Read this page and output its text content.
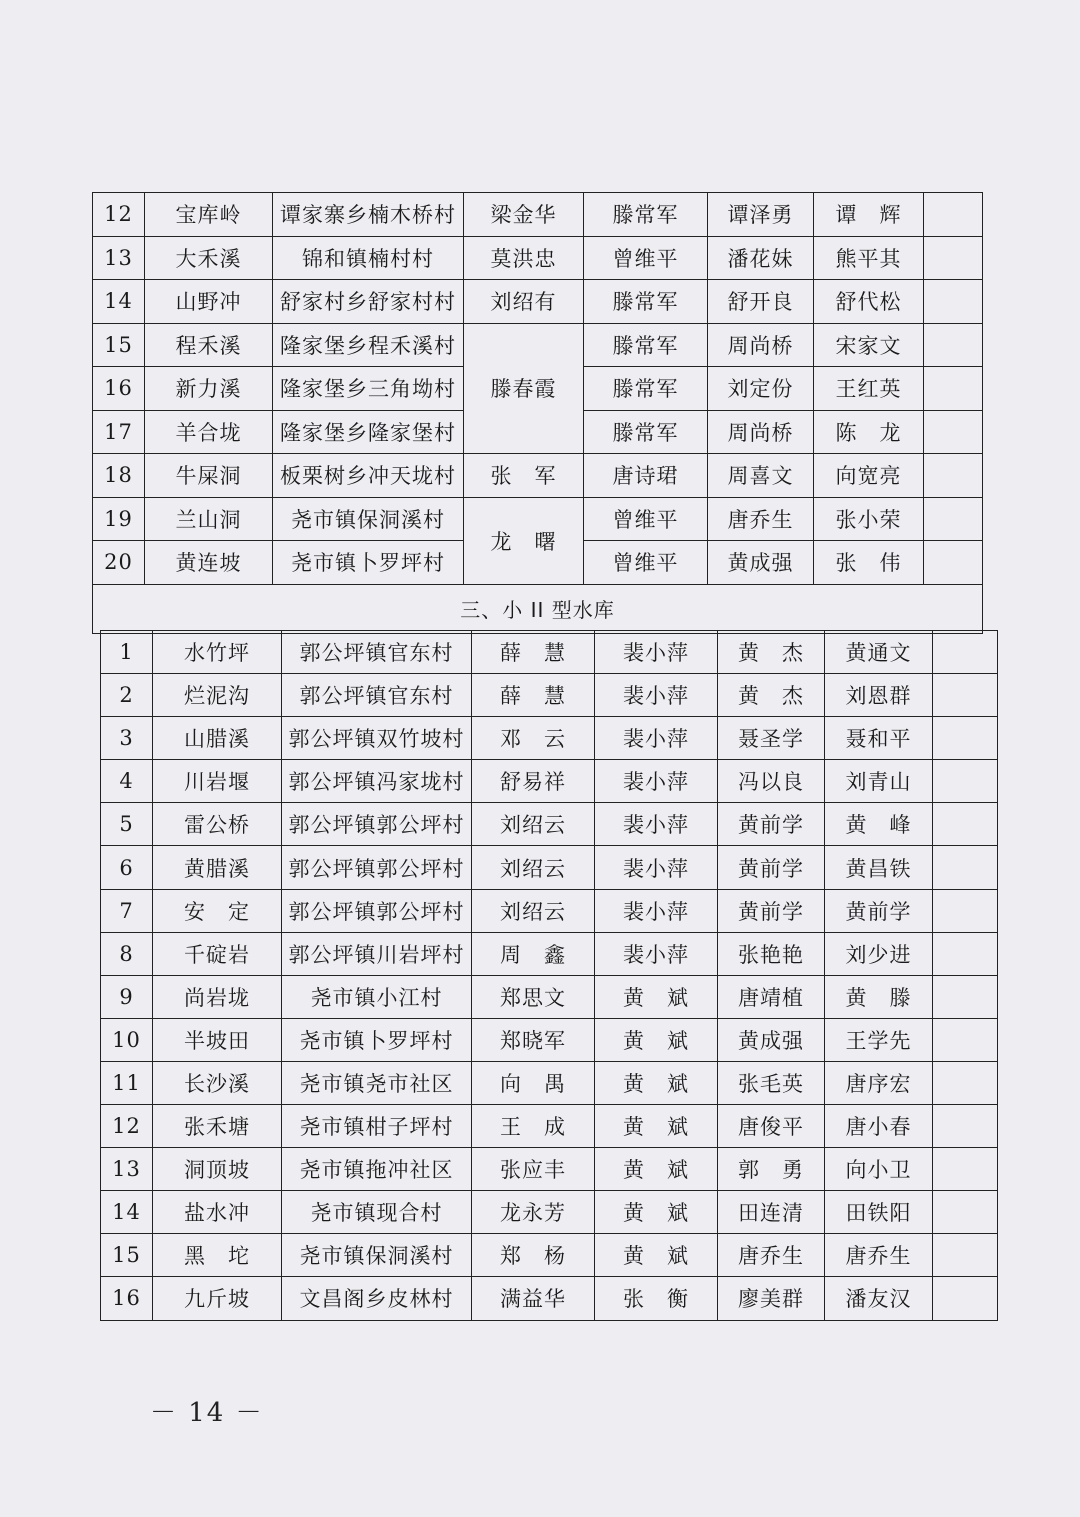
12	宝库岭	谭家寨乡楠木桥村	梁金华	滕常军	谭泽勇	谭　辉	
13	大禾溪	锦和镇楠村村	莫洪忠	曾维平	潘花妹	熊平其	
14	山野冲	舒家村乡舒家村村	刘绍有	滕常军	舒开良	舒代松	
15	程禾溪	隆家堡乡程禾溪村	滕春霞	滕常军	周尚桥	宋家文	
16	新力溪	隆家堡乡三角坳村		滕常军	刘定份	王红英	
17	羊合垅	隆家堡乡隆家堡村		滕常军	周尚桥	陈　龙	
18	牛屎洞	板栗树乡冲天垅村	张　军	唐诗珺	周喜文	向宽亮	
19	兰山洞	尧市镇保洞溪村	龙　曙	曾维平	唐乔生	张小荣	
20	黄连坡	尧市镇卜罗坪村		曾维平	黄成强	张　伟	
三、小 II 型水库							
1	水竹坪	郭公坪镇官东村	薛　慧	裴小萍	黄　杰	黄通文	
2	烂泥沟	郭公坪镇官东村	薛　慧	裴小萍	黄　杰	刘恩群	
3	山腊溪	郭公坪镇双竹坡村	邓　云	裴小萍	聂圣学	聂和平	
4	川岩堰	郭公坪镇冯家垅村	舒易祥	裴小萍	冯以良	刘青山	
5	雷公桥	郭公坪镇郭公坪村	刘绍云	裴小萍	黄前学	黄　峰	
6	黄腊溪	郭公坪镇郭公坪村	刘绍云	裴小萍	黄前学	黄昌铁	
7	安　定	郭公坪镇郭公坪村	刘绍云	裴小萍	黄前学	黄前学	
8	千碇岩	郭公坪镇川岩坪村	周　鑫	裴小萍	张艳艳	刘少进	
9	尚岩垅	尧市镇小江村	郑思文	黄　斌	唐靖植	黄　滕	
10	半坡田	尧市镇卜罗坪村	郑晓军	黄　斌	黄成强	王学先	
11	长沙溪	尧市镇尧市社区	向　禺	黄　斌	张毛英	唐序宏	
12	张禾塘	尧市镇柑子坪村	王　成	黄　斌	唐俊平	唐小春	
13	洞顶坡	尧市镇拖冲社区	张应丰	黄　斌	郭　勇	向小卫	
14	盐水冲	尧市镇现合村	龙永芳	黄　斌	田连清	田铁阳	
15	黑　坨	尧市镇保洞溪村	郑　杨	黄　斌	唐乔生	唐乔生	
16	九斤坡	文昌阁乡皮林村	满益华	张　衡	廖美群	潘友汉	
－ 14 －
